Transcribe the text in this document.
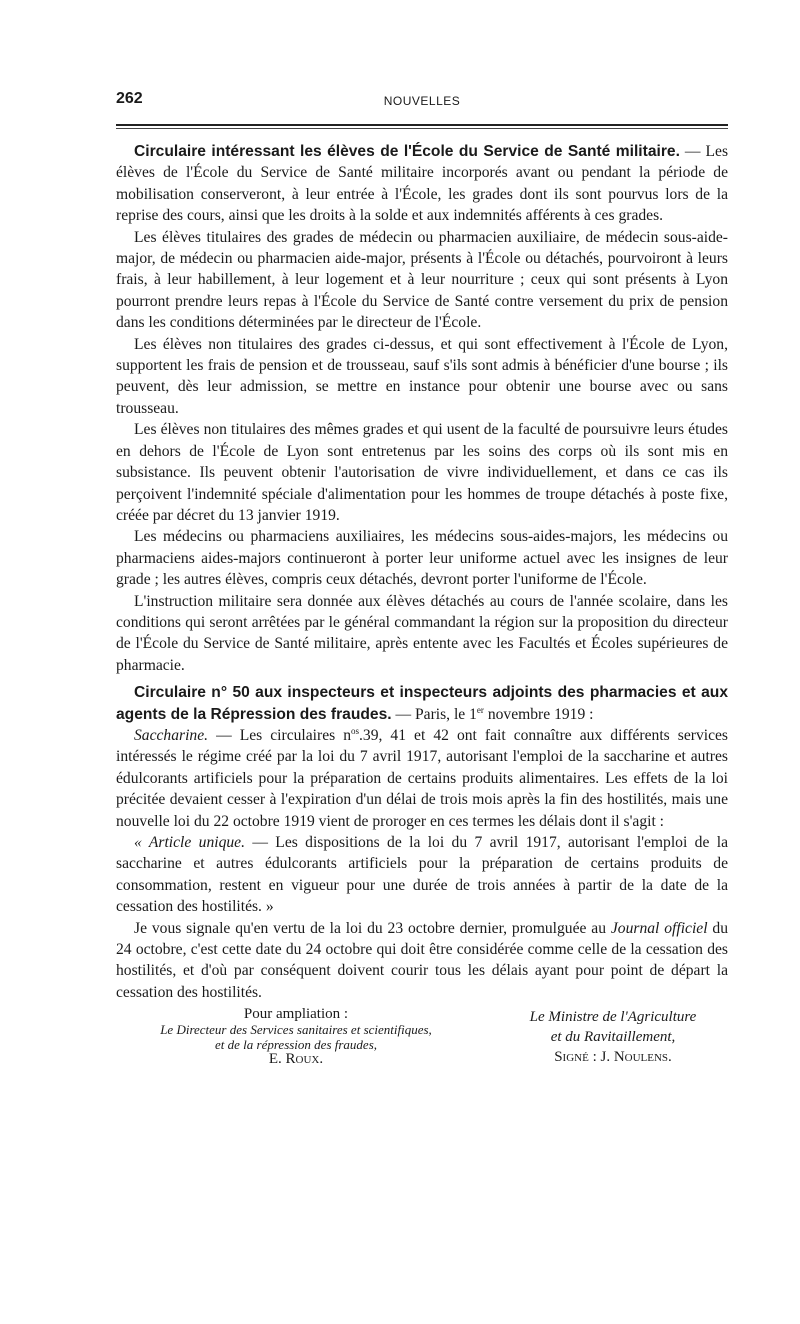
262	NOUVELLES

Circulaire intéressant les élèves de l'École du Service de Santé militaire. — Les élèves de l'École du Service de Santé militaire incorporés avant ou pendant la période de mobilisation conserveront, à leur entrée à l'École, les grades dont ils sont pourvus lors de la reprise des cours, ainsi que les droits à la solde et aux indemnités afférents à ces grades.

Les élèves titulaires des grades de médecin ou pharmacien auxiliaire, de médecin sous-aide-major, de médecin ou pharmacien aide-major, présents à l'École ou détachés, pourvoiront à leurs frais, à leur habillement, à leur logement et à leur nourriture ; ceux qui sont présents à Lyon pourront prendre leurs repas à l'École du Service de Santé contre versement du prix de pension dans les conditions déterminées par le directeur de l'École.

Les élèves non titulaires des grades ci-dessus, et qui sont effectivement à l'École de Lyon, supportent les frais de pension et de trousseau, sauf s'ils sont admis à bénéficier d'une bourse ; ils peuvent, dès leur admission, se mettre en instance pour obtenir une bourse avec ou sans trousseau.

Les élèves non titulaires des mêmes grades et qui usent de la faculté de poursuivre leurs études en dehors de l'École de Lyon sont entretenus par les soins des corps où ils sont mis en subsistance. Ils peuvent obtenir l'autorisation de vivre individuellement, et dans ce cas ils perçoivent l'indemnité spéciale d'alimentation pour les hommes de troupe détachés à poste fixe, créée par décret du 13 janvier 1919.

Les médecins ou pharmaciens auxiliaires, les médecins sous-aides-majors, les médecins ou pharmaciens aides-majors continueront à porter leur uniforme actuel avec les insignes de leur grade ; les autres élèves, compris ceux détachés, devront porter l'uniforme de l'École.

L'instruction militaire sera donnée aux élèves détachés au cours de l'année scolaire, dans les conditions qui seront arrêtées par le général commandant la région sur la proposition du directeur de l'École du Service de Santé militaire, après entente avec les Facultés et Écoles supérieures de pharmacie.

Circulaire n° 50 aux inspecteurs et inspecteurs adjoints des pharmacies et aux agents de la Répression des fraudes. — Paris, le 1er novembre 1919 :

Saccharine. — Les circulaires $n^{os}.39$, 41 et 42 ont fait connaître aux différents services intéressés le régime créé par la loi du 7 avril 1917, autorisant l'emploi de la saccharine et autres édulcorants artificiels pour la préparation de certains produits alimentaires. Les effets de la loi précitée devaient cesser à l'expiration d'un délai de trois mois après la fin des hostilités, mais une nouvelle loi du 22 octobre 1919 vient de proroger en ces termes les délais dont il s'agit :

« Article unique. — Les dispositions de la loi du 7 avril 1917, autorisant l'emploi de la saccharine et autres édulcorants artificiels pour la préparation de certains produits de consommation, restent en vigueur pour une durée de trois années à partir de la date de la cessation des hostilités. »

Je vous signale qu'en vertu de la loi du 23 octobre dernier, promulguée au Journal officiel du 24 octobre, c'est cette date du 24 octobre qui doit être considérée comme celle de la cessation des hostilités, et d'où par conséquent doivent courir tous les délais ayant pour point de départ la cessation des hostilités.

Pour ampliation :
Le Directeur des Services sanitaires et scientifiques,
et de la répression des fraudes,
E. Roux.
Le Ministre de l'Agriculture
et du Ravitaillement,
Signé : J. Noulens.
